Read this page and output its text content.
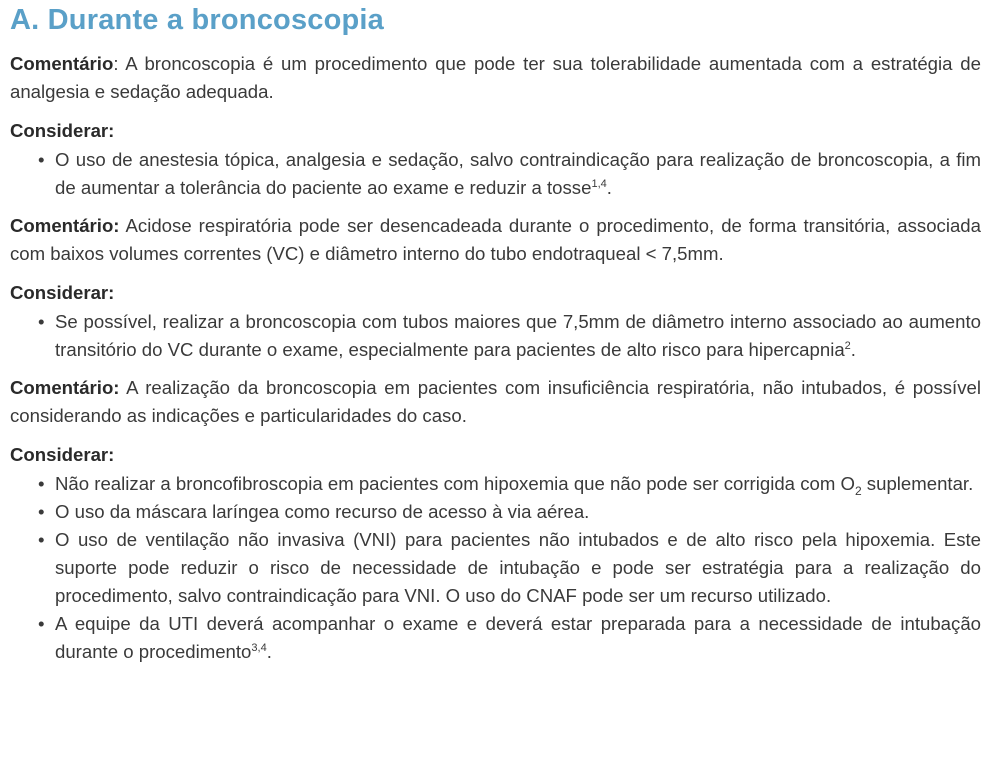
A. Durante a broncoscopia

Comentário: A broncoscopia é um procedimento que pode ter sua tolerabilidade aumentada com a estratégia de analgesia e sedação adequada.

Considerar:
• O uso de anestesia tópica, analgesia e sedação, salvo contraindicação para realização de broncoscopia, a fim de aumentar a tolerância do paciente ao exame e reduzir a tosse$^{1,4}$.

Comentário: Acidose respiratória pode ser desencadeada durante o procedimento, de forma transitória, associada com baixos volumes correntes (VC) e diâmetro interno do tubo endotraqueal < 7,5mm.

Considerar:
• Se possível, realizar a broncoscopia com tubos maiores que 7,5mm de diâmetro interno associado ao aumento transitório do VC durante o exame, especialmente para pacientes de alto risco para hipercapnia$^2$.

Comentário: A realização da broncoscopia em pacientes com insuficiência respiratória, não intubados, é possível considerando as indicações e particularidades do caso.

Considerar:
• Não realizar a broncofibroscopia em pacientes com hipoxemia que não pode ser corrigida com $O_2$ suplementar.
• O uso da máscara laríngea como recurso de acesso à via aérea.
• O uso de ventilação não invasiva (VNI) para pacientes não intubados e de alto risco pela hipoxemia. Este suporte pode reduzir o risco de necessidade de intubação e pode ser estratégia para a realização do procedimento, salvo contraindicação para VNI. O uso do CNAF pode ser um recurso utilizado.
• A equipe da UTI deverá acompanhar o exame e deverá estar preparada para a necessidade de intubação durante o procedimento$^{3,4}$.
